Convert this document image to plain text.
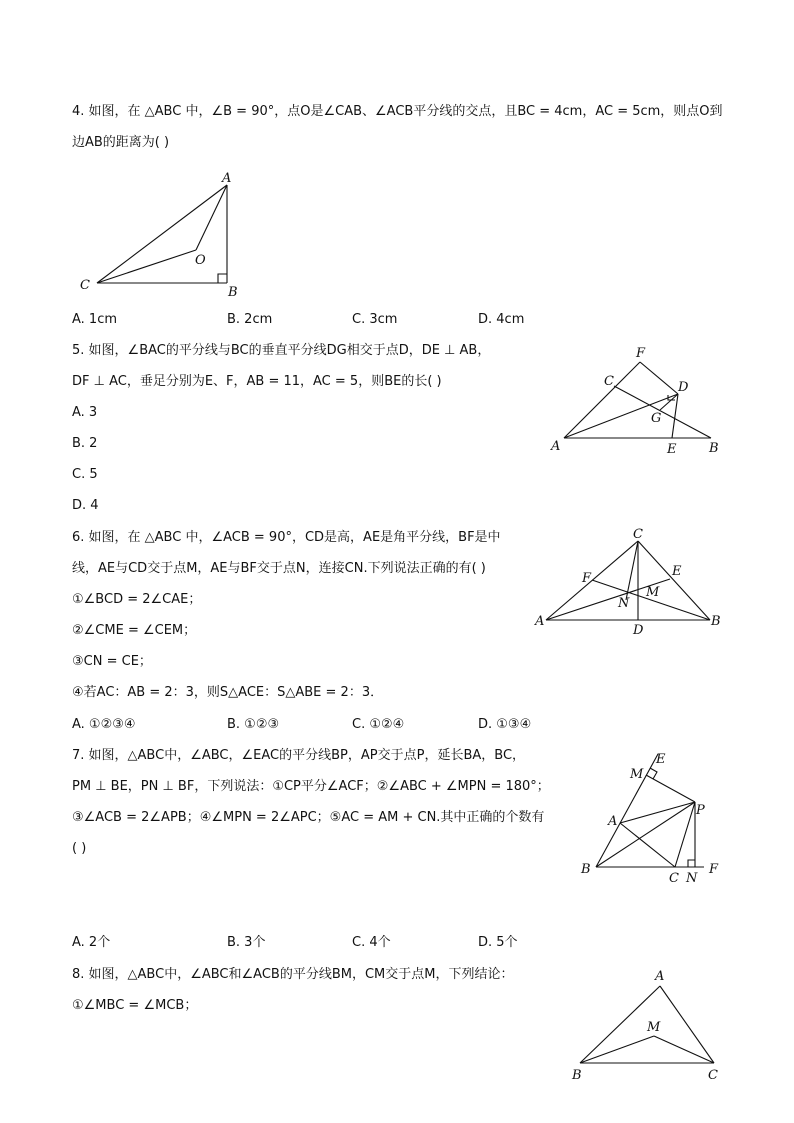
4. 如图，在 △ABC 中，∠B = 90°，点O是∠CAB、∠ACB平分线的交点，且BC = 4cm，AC = 5cm，则点O到
边AB的距离为( )
A
B
C
O
A. 1cm	B. 2cm	C. 3cm	D. 4cm
5. 如图，∠BAC的平分线与BC的垂直平分线DG相交于点D，DE ⊥ AB，
DF ⊥ AC，垂足分别为E、F，AB = 11，AC = 5，则BE的长( )
A. 3
B. 2
C. 5
D. 4
F
C	D
G
A	E	B
6. 如图，在 △ABC 中，∠ACB = 90°，CD是高，AE是角平分线，BF是中
线，AE与CD交于点M，AE与BF交于点N，连接CN.下列说法正确的有( )
①∠BCD = 2∠CAE；
②∠CME = ∠CEM；
③CN = CE；
④若AC：AB = 2：3，则S△ACE：S△ABE = 2：3．
A. ①②③④	B. ①②③	C. ①②④	D. ①③④
C
F	E
N
M
A
D
B
7. 如图，△ABC中，∠ABC，∠EAC的平分线BP，AP交于点P，延长BA，BC，
PM ⊥ BE，PN ⊥ BF，下列说法：①CP平分∠ACF；②∠ABC + ∠MPN = 180°；
③∠ACB = 2∠APB；④∠MPN = 2∠APC；⑤AC = AM + CN.其中正确的个数有
( )
E
M
P
A
B
C N
F
A. 2个	B. 3个	C. 4个	D. 5个
8. 如图，△ABC中，∠ABC和∠ACB的平分线BM，CM交于点M，下列结论：
①∠MBC = ∠MCB；
A
M
B	C
